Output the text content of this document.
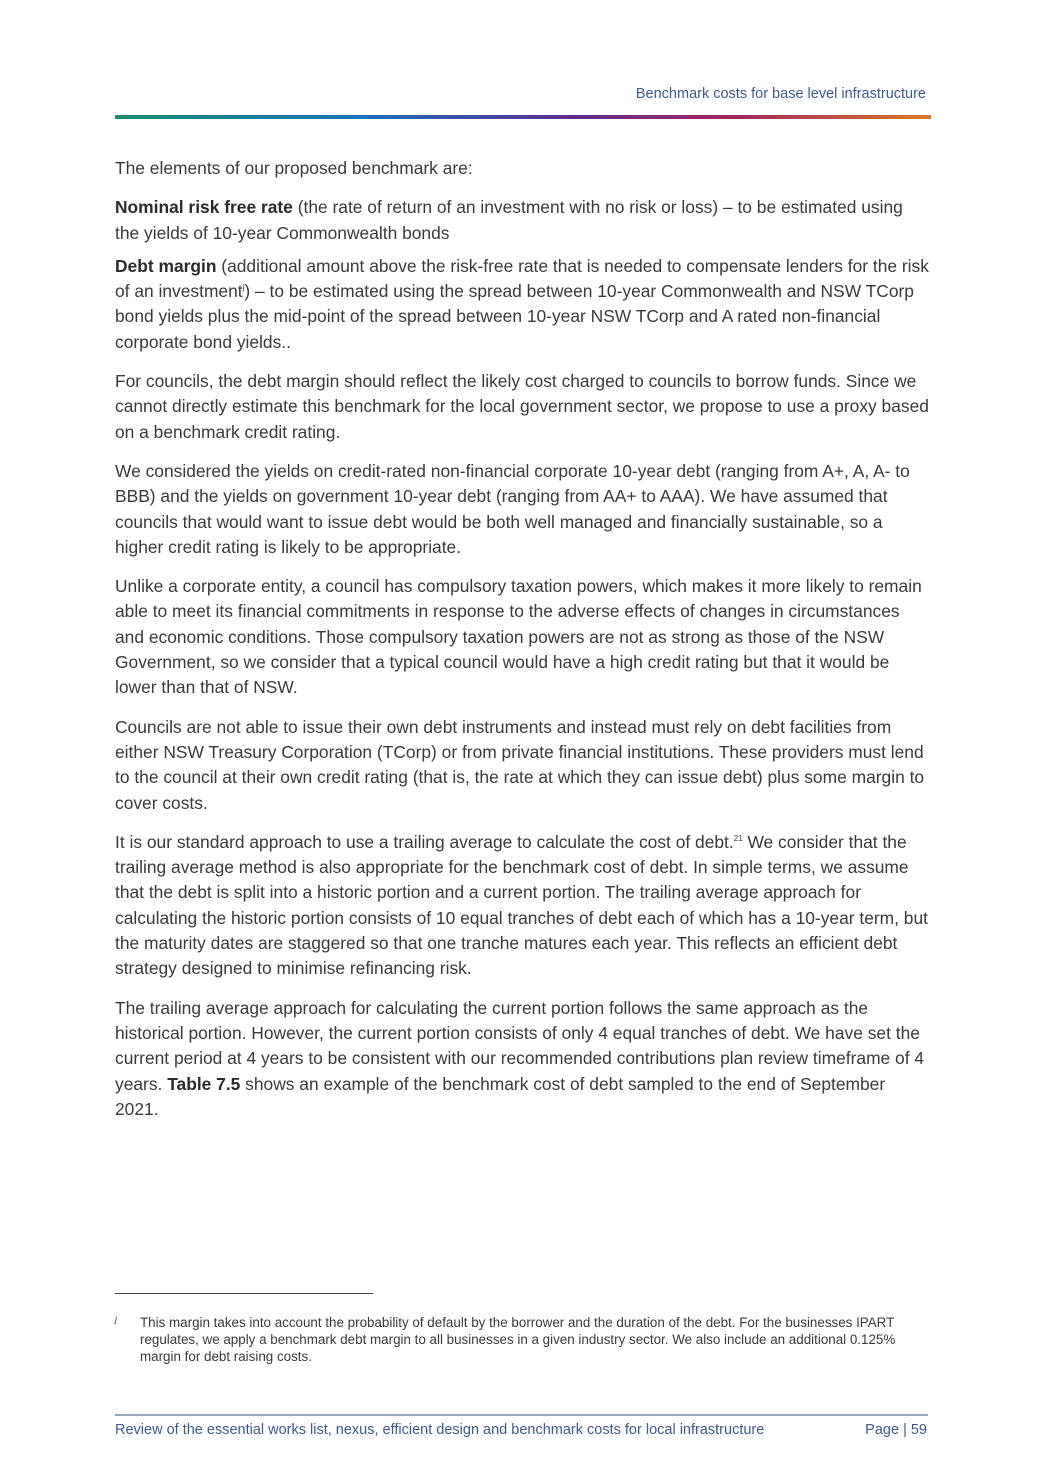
Benchmark costs for base level infrastructure

The elements of our proposed benchmark are:

Nominal risk free rate (the rate of return of an investment with no risk or loss) – to be estimated using the yields of 10-year Commonwealth bonds

Debt margin (additional amount above the risk-free rate that is needed to compensate lenders for the risk of an investment$^j$) – to be estimated using the spread between 10-year Commonwealth and NSW TCorp bond yields plus the mid-point of the spread between 10-year NSW TCorp and A rated non-financial corporate bond yields..

For councils, the debt margin should reflect the likely cost charged to councils to borrow funds. Since we cannot directly estimate this benchmark for the local government sector, we propose to use a proxy based on a benchmark credit rating.

We considered the yields on credit-rated non-financial corporate 10-year debt (ranging from A+, A, A- to BBB) and the yields on government 10-year debt (ranging from AA+ to AAA). We have assumed that councils that would want to issue debt would be both well managed and financially sustainable, so a higher credit rating is likely to be appropriate.

Unlike a corporate entity, a council has compulsory taxation powers, which makes it more likely to remain able to meet its financial commitments in response to the adverse effects of changes in circumstances and economic conditions. Those compulsory taxation powers are not as strong as those of the NSW Government, so we consider that a typical council would have a high credit rating but that it would be lower than that of NSW.

Councils are not able to issue their own debt instruments and instead must rely on debt facilities from either NSW Treasury Corporation (TCorp) or from private financial institutions. These providers must lend to the council at their own credit rating (that is, the rate at which they can issue debt) plus some margin to cover costs.

It is our standard approach to use a trailing average to calculate the cost of debt.$^{21}$ We consider that the trailing average method is also appropriate for the benchmark cost of debt. In simple terms, we assume that the debt is split into a historic portion and a current portion. The trailing average approach for calculating the historic portion consists of 10 equal tranches of debt each of which has a 10-year term, but the maturity dates are staggered so that one tranche matures each year. This reflects an efficient debt strategy designed to minimise refinancing risk.

The trailing average approach for calculating the current portion follows the same approach as the historical portion. However, the current portion consists of only 4 equal tranches of debt. We have set the current period at 4 years to be consistent with our recommended contributions plan review timeframe of 4 years. Table 7.5 shows an example of the benchmark cost of debt sampled to the end of September 2021.

j This margin takes into account the probability of default by the borrower and the duration of the debt. For the businesses IPART regulates, we apply a benchmark debt margin to all businesses in a given industry sector. We also include an additional 0.125% margin for debt raising costs.
Review of the essential works list, nexus, efficient design and benchmark costs for local infrastructure	Page | 59
